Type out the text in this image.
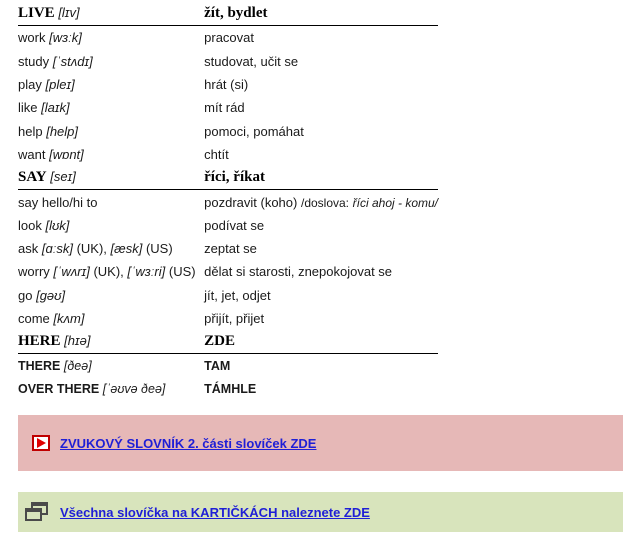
LIVE [lɪv]	žít, bydlet
work [wɜːk]	pracovat
study [ˈstʌdɪ]	studovat, učit se
play [pleɪ]	hrát (si)
like [laɪk]	mít rád
help [help]	pomoci, pomáhat
want [wɒnt]	chtít
SAY [seɪ]	říci, říkat
say hello/hi to	pozdravit (koho) /doslova: říci ahoj - komu/
look [lʊk]	podívat se
ask [ɑːsk] (UK), [æsk] (US)	zeptat se
worry [ˈwʌrɪ] (UK), [ˈwɜːri] (US)	dělat si starosti, znepokojovat se
go [gəʊ]	jít, jet, odjet
come [kʌm]	přijít, přijet
HERE [hɪə]	ZDE
THERE [ðeə]	TAM
OVER THERE [ˈəʊvə ðeə]	TÁMHLE
ZVUKOVÝ SLOVNÍK 2. části slovíček ZDE
Všechna slovíčka na KARTIČKÁCH naleznete ZDE
